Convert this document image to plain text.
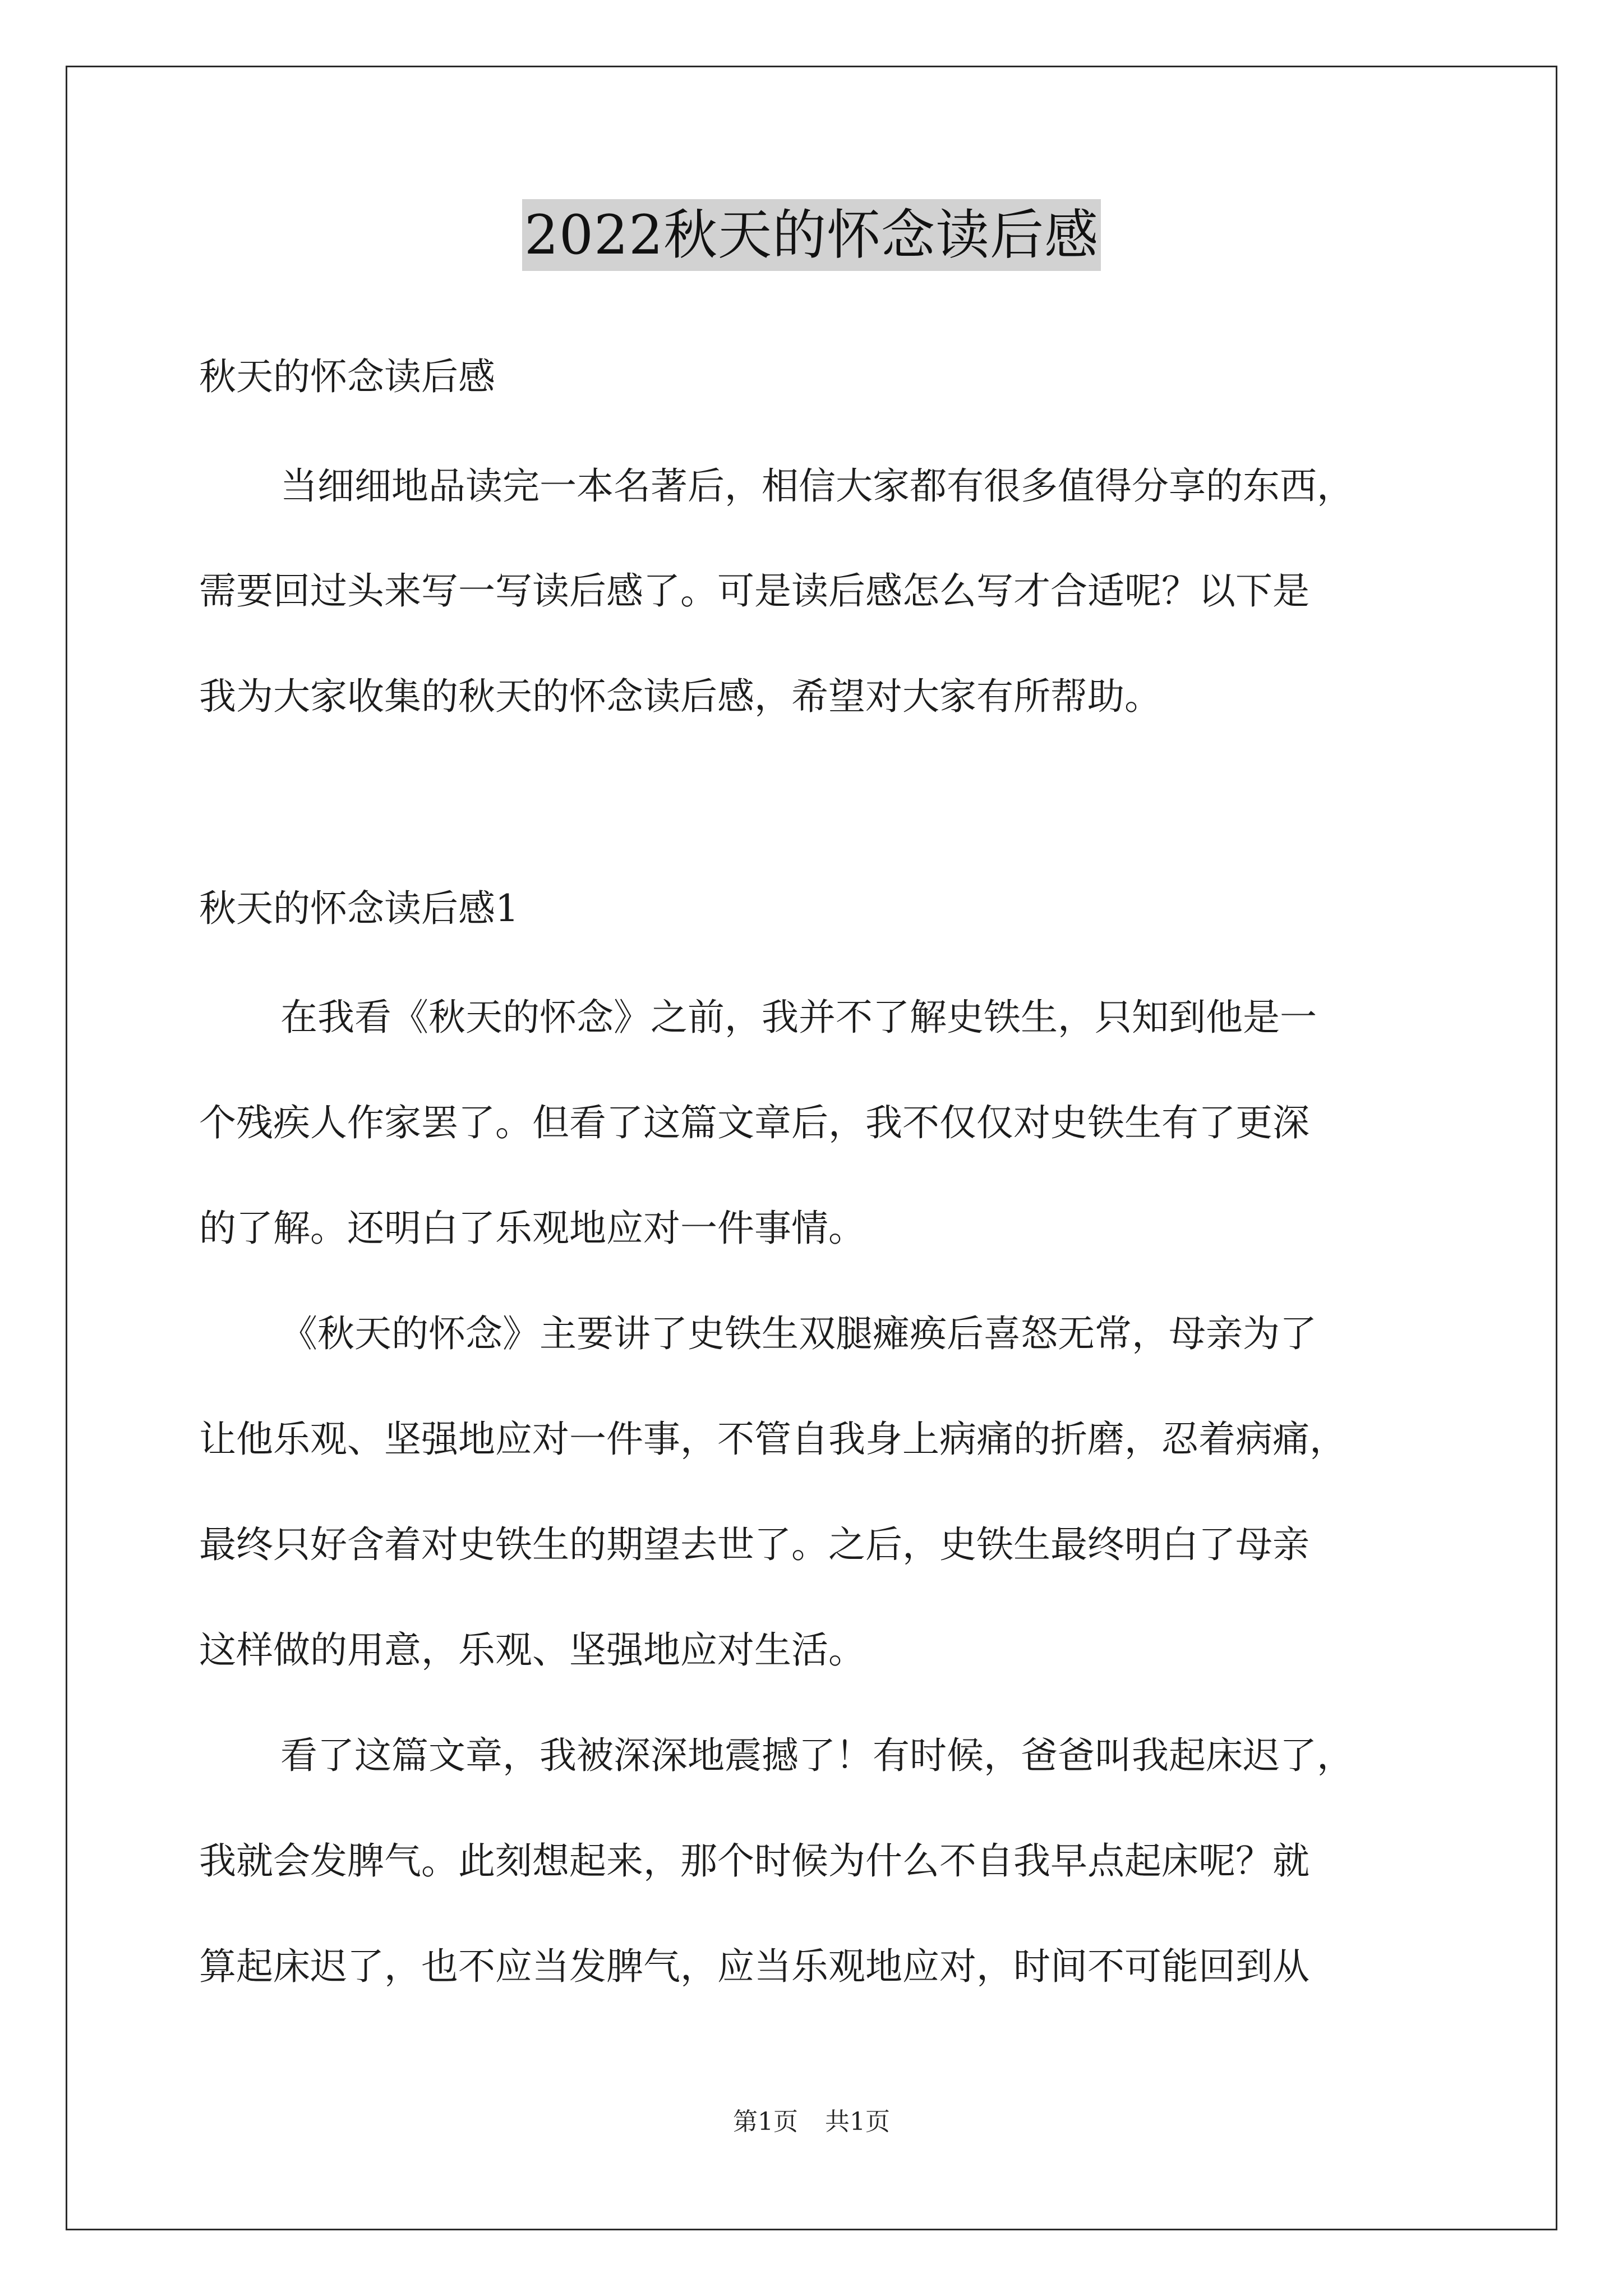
2022秋天的怀念读后感
秋天的怀念读后感
当细细地品读完一本名著后，相信大家都有很多值得分享的东西，
需要回过头来写一写读后感了。可是读后感怎么写才合适呢？以下是
我为大家收集的秋天的怀念读后感，希望对大家有所帮助。
秋天的怀念读后感1
在我看《秋天的怀念》之前，我并不了解史铁生，只知到他是一
个残疾人作家罢了。但看了这篇文章后，我不仅仅对史铁生有了更深
的了解。还明白了乐观地应对一件事情。
《秋天的怀念》主要讲了史铁生双腿瘫痪后喜怒无常，母亲为了
让他乐观、坚强地应对一件事，不管自我身上病痛的折磨，忍着病痛，
最终只好含着对史铁生的期望去世了。之后，史铁生最终明白了母亲
这样做的用意，乐观、坚强地应对生活。
看了这篇文章，我被深深地震撼了！有时候，爸爸叫我起床迟了，
我就会发脾气。此刻想起来，那个时候为什么不自我早点起床呢？就
算起床迟了，也不应当发脾气，应当乐观地应对，时间不可能回到从
第1页 共1页
